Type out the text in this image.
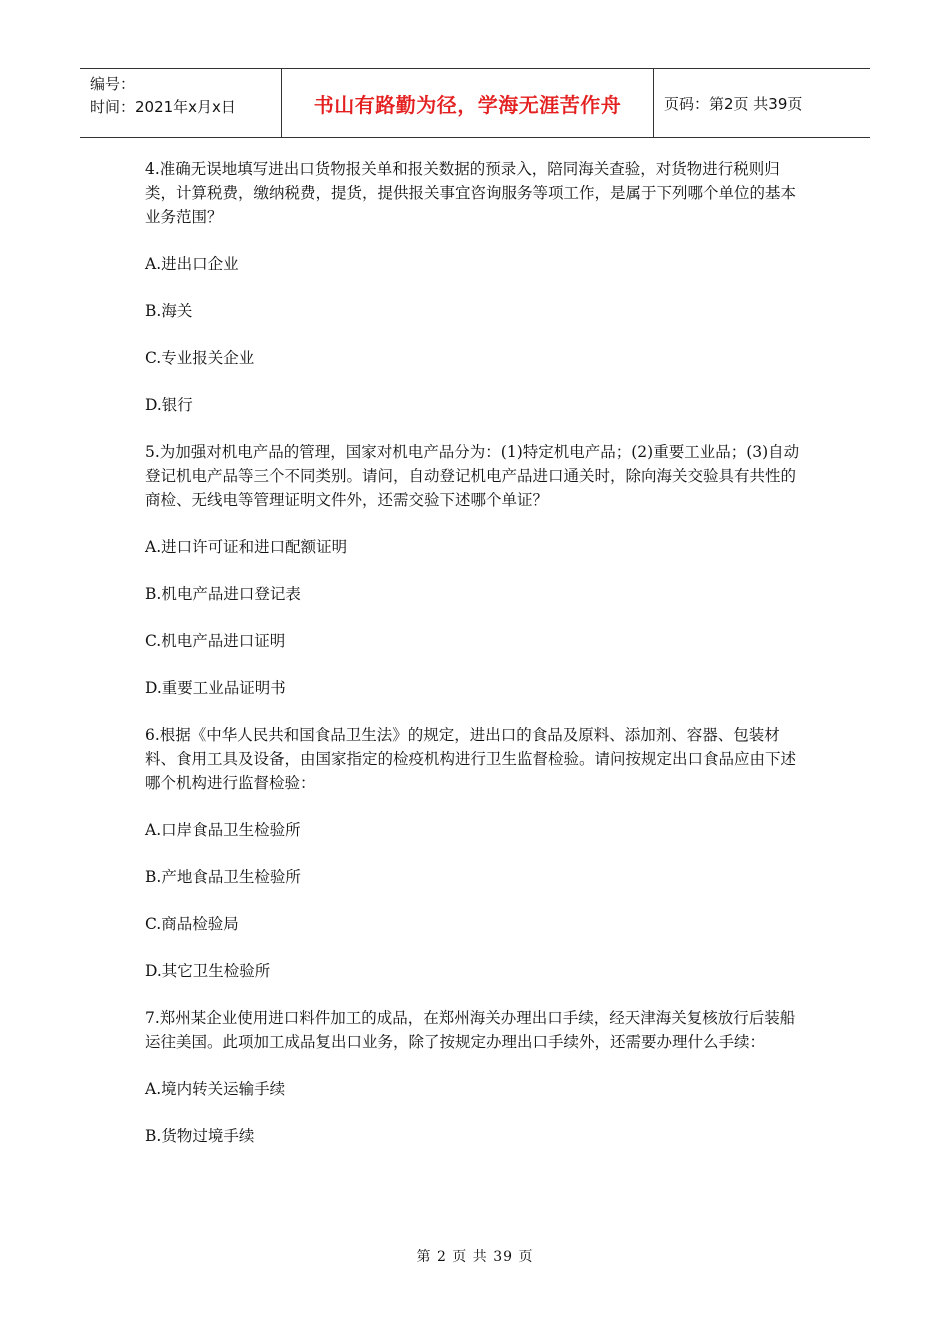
编号：
时间：2021年x月x日	书山有路勤为径，学海无涯苦作舟	页码：第2页 共39页
4.准确无误地填写进出口货物报关单和报关数据的预录入，陪同海关查验，对货物进行税则归类，计算税费，缴纳税费，提货，提供报关事宜咨询服务等项工作，是属于下列哪个单位的基本业务范围？
A.进出口企业
B.海关
C.专业报关企业
D.银行
5.为加强对机电产品的管理，国家对机电产品分为：(1)特定机电产品；(2)重要工业品；(3)自动登记机电产品等三个不同类别。请问，自动登记机电产品进口通关时，除向海关交验具有共性的商检、无线电等管理证明文件外，还需交验下述哪个单证？
A.进口许可证和进口配额证明
B.机电产品进口登记表
C.机电产品进口证明
D.重要工业品证明书
6.根据《中华人民共和国食品卫生法》的规定，进出口的食品及原料、添加剂、容器、包装材料、食用工具及设备，由国家指定的检疫机构进行卫生监督检验。请问按规定出口食品应由下述哪个机构进行监督检验：
A.口岸食品卫生检验所
B.产地食品卫生检验所
C.商品检验局
D.其它卫生检验所
7.郑州某企业使用进口料件加工的成品，在郑州海关办理出口手续，经天津海关复核放行后装船运往美国。此项加工成品复出口业务，除了按规定办理出口手续外，还需要办理什么手续：
A.境内转关运输手续
B.货物过境手续
第 2 页 共 39 页
